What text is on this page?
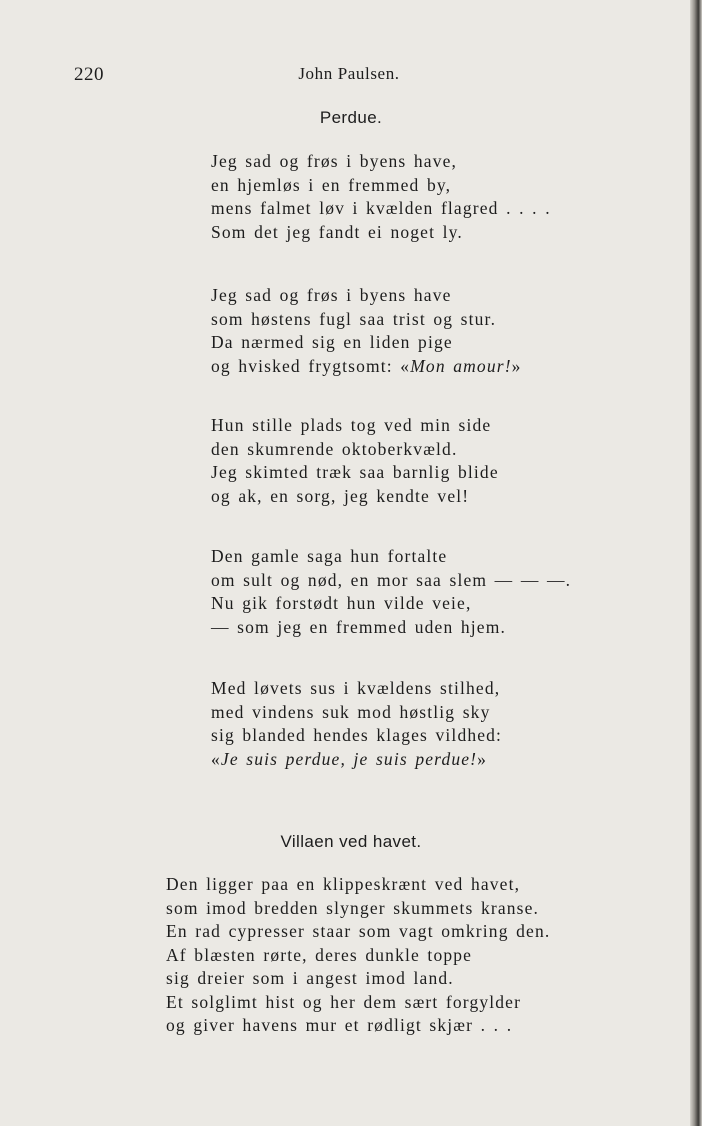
220	John Paulsen.
Perdue.
Jeg sad og frøs i byens have,
en hjemløs i en fremmed by,
mens falmet løv i kvælden flagred . . . .
Som det jeg fandt ei noget ly.
Jeg sad og frøs i byens have
som høstens fugl saa trist og stur.
Da nærmed sig en liden pige
og hvisked frygtsomt: «Mon amour!»
Hun stille plads tog ved min side
den skumrende oktoberkvæld.
Jeg skimted træk saa barnlig blide
og ak, en sorg, jeg kendte vel!
Den gamle saga hun fortalte
om sult og nød, en mor saa slem — — —.
Nu gik forstødt hun vilde veie,
— som jeg en fremmed uden hjem.
Med løvets sus i kvældens stilhed,
med vindens suk mod høstlig sky
sig blanded hendes klages vildhed:
«Je suis perdue, je suis perdue!»
Villaen ved havet.
Den ligger paa en klippeskrænt ved havet,
som imod bredden slynger skummets kranse.
En rad cypresser staar som vagt omkring den.
Af blæsten rørte, deres dunkle toppe
sig dreier som i angest imod land.
Et solglimt hist og her dem sært forgylder
og giver havens mur et rødligt skjær . . .
